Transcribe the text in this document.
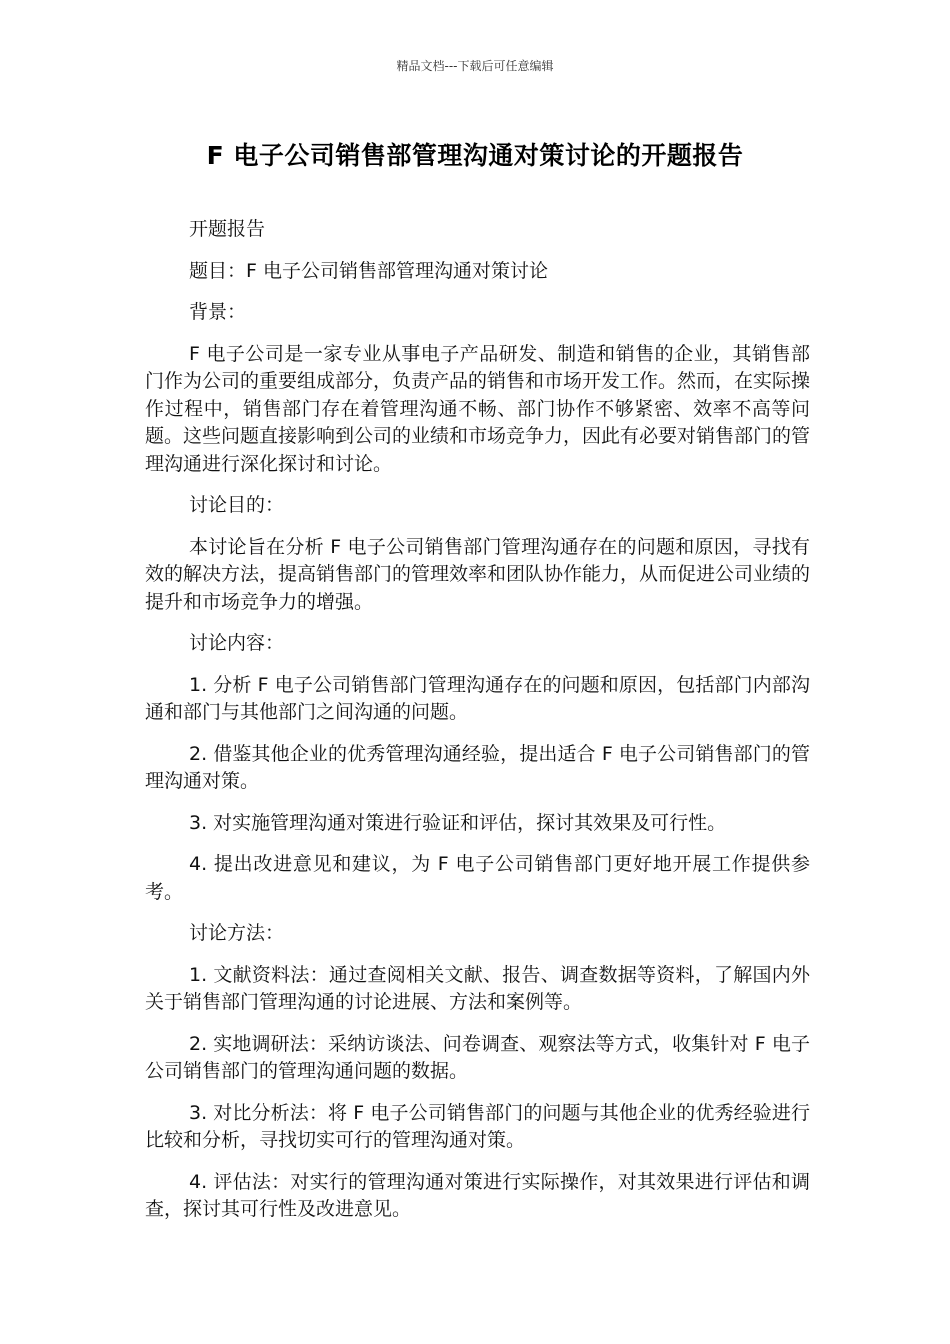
精品文档---下载后可任意编辑
F 电子公司销售部管理沟通对策讨论的开题报告

开题报告

题目：F 电子公司销售部管理沟通对策讨论

背景：

F 电子公司是一家专业从事电子产品研发、制造和销售的企业，其销售部门作为公司的重要组成部分，负责产品的销售和市场开发工作。然而，在实际操作过程中，销售部门存在着管理沟通不畅、部门协作不够紧密、效率不高等问题。这些问题直接影响到公司的业绩和市场竞争力，因此有必要对销售部门的管理沟通进行深化探讨和讨论。

讨论目的：

本讨论旨在分析 F 电子公司销售部门管理沟通存在的问题和原因，寻找有效的解决方法，提高销售部门的管理效率和团队协作能力，从而促进公司业绩的提升和市场竞争力的增强。

讨论内容：

1. 分析 F 电子公司销售部门管理沟通存在的问题和原因，包括部门内部沟通和部门与其他部门之间沟通的问题。

2. 借鉴其他企业的优秀管理沟通经验，提出适合 F 电子公司销售部门的管理沟通对策。

3. 对实施管理沟通对策进行验证和评估，探讨其效果及可行性。

4. 提出改进意见和建议，为 F 电子公司销售部门更好地开展工作提供参考。

讨论方法：

1. 文献资料法：通过查阅相关文献、报告、调查数据等资料，了解国内外关于销售部门管理沟通的讨论进展、方法和案例等。

2. 实地调研法：采纳访谈法、问卷调查、观察法等方式，收集针对 F 电子公司销售部门的管理沟通问题的数据。

3. 对比分析法：将 F 电子公司销售部门的问题与其他企业的优秀经验进行比较和分析，寻找切实可行的管理沟通对策。

4. 评估法：对实行的管理沟通对策进行实际操作，对其效果进行评估和调查，探讨其可行性及改进意见。
